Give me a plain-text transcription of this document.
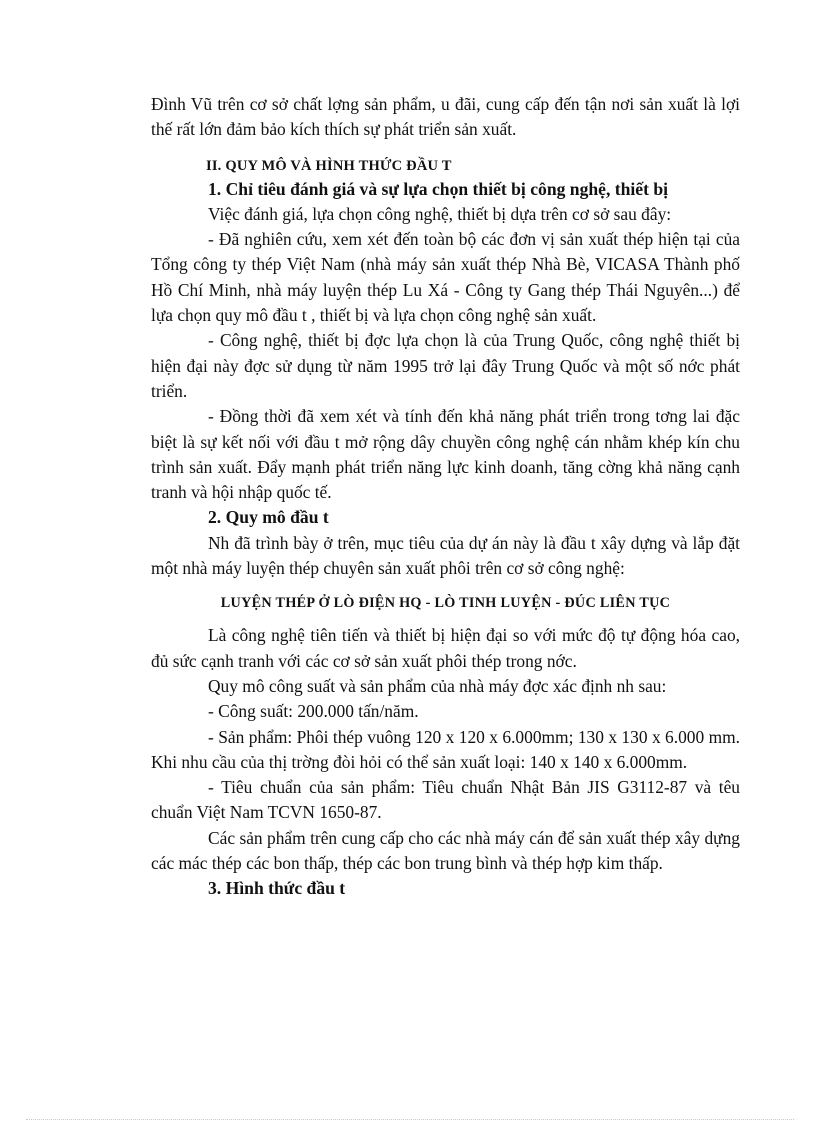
Đình Vũ trên cơ sở chất lợng sản phẩm, u đãi, cung cấp đến tận nơi sản xuất là lợi thế rất lớn đảm bảo kích thích sự phát triển sản xuất.

II. QUY MÔ VÀ HÌNH THỨC ĐẦU T
1. Chỉ tiêu đánh giá và sự lựa chọn thiết bị công nghệ, thiết bị

Việc đánh giá, lựa chọn công nghệ, thiết bị dựa trên cơ sở sau đây:

- Đã nghiên cứu, xem xét đến toàn bộ các đơn vị sản xuất thép hiện tại của Tổng công ty thép Việt Nam (nhà máy sản xuất thép Nhà Bè, VICASA Thành phố Hồ Chí Minh, nhà máy luyện thép Lu Xá - Công ty Gang thép Thái Nguyên...) để lựa chọn quy mô đầu t , thiết bị và lựa chọn công nghệ sản xuất.

- Công nghệ, thiết bị đợc lựa chọn là của Trung Quốc, công nghệ thiết bị hiện đại này đợc sử dụng từ năm 1995 trở lại đây Trung Quốc và một số nớc phát triển.

- Đồng thời đã xem xét và tính đến khả năng phát triển trong tơng lai đặc biệt là sự kết nối với đầu t mở rộng dây chuyền công nghệ cán nhằm khép kín chu trình sản xuất. Đẩy mạnh phát triển năng lực kinh doanh, tăng cờng khả năng cạnh tranh và hội nhập quốc tế.

2. Quy mô đầu t

Nh đã trình bày ở trên, mục tiêu của dự án này là đầu t xây dựng và lắp đặt một nhà máy luyện thép chuyên sản xuất phôi trên cơ sở công nghệ:

LUYỆN THÉP Ở LÒ ĐIỆN HQ - LÒ TINH LUYỆN - ĐÚC LIÊN TỤC

Là công nghệ tiên tiến và thiết bị hiện đại so với mức độ tự động hóa cao, đủ sức cạnh tranh với các cơ sở sản xuất phôi thép trong nớc.

Quy mô công suất và sản phẩm của nhà máy đợc xác định nh sau:

- Công suất: 200.000 tấn/năm.

- Sản phẩm: Phôi thép vuông 120 x 120 x 6.000mm; 130 x 130 x 6.000 mm. Khi nhu cầu của thị trờng đòi hỏi có thể sản xuất loại: 140 x 140 x 6.000mm.

- Tiêu chuẩn của sản phẩm: Tiêu chuẩn Nhật Bản JIS G3112-87 và têu chuẩn Việt Nam TCVN 1650-87.

Các sản phẩm trên cung cấp cho các nhà máy cán để sản xuất thép xây dựng các mác thép các bon thấp, thép các bon trung bình và thép hợp kim thấp.

3. Hình thức đầu t
